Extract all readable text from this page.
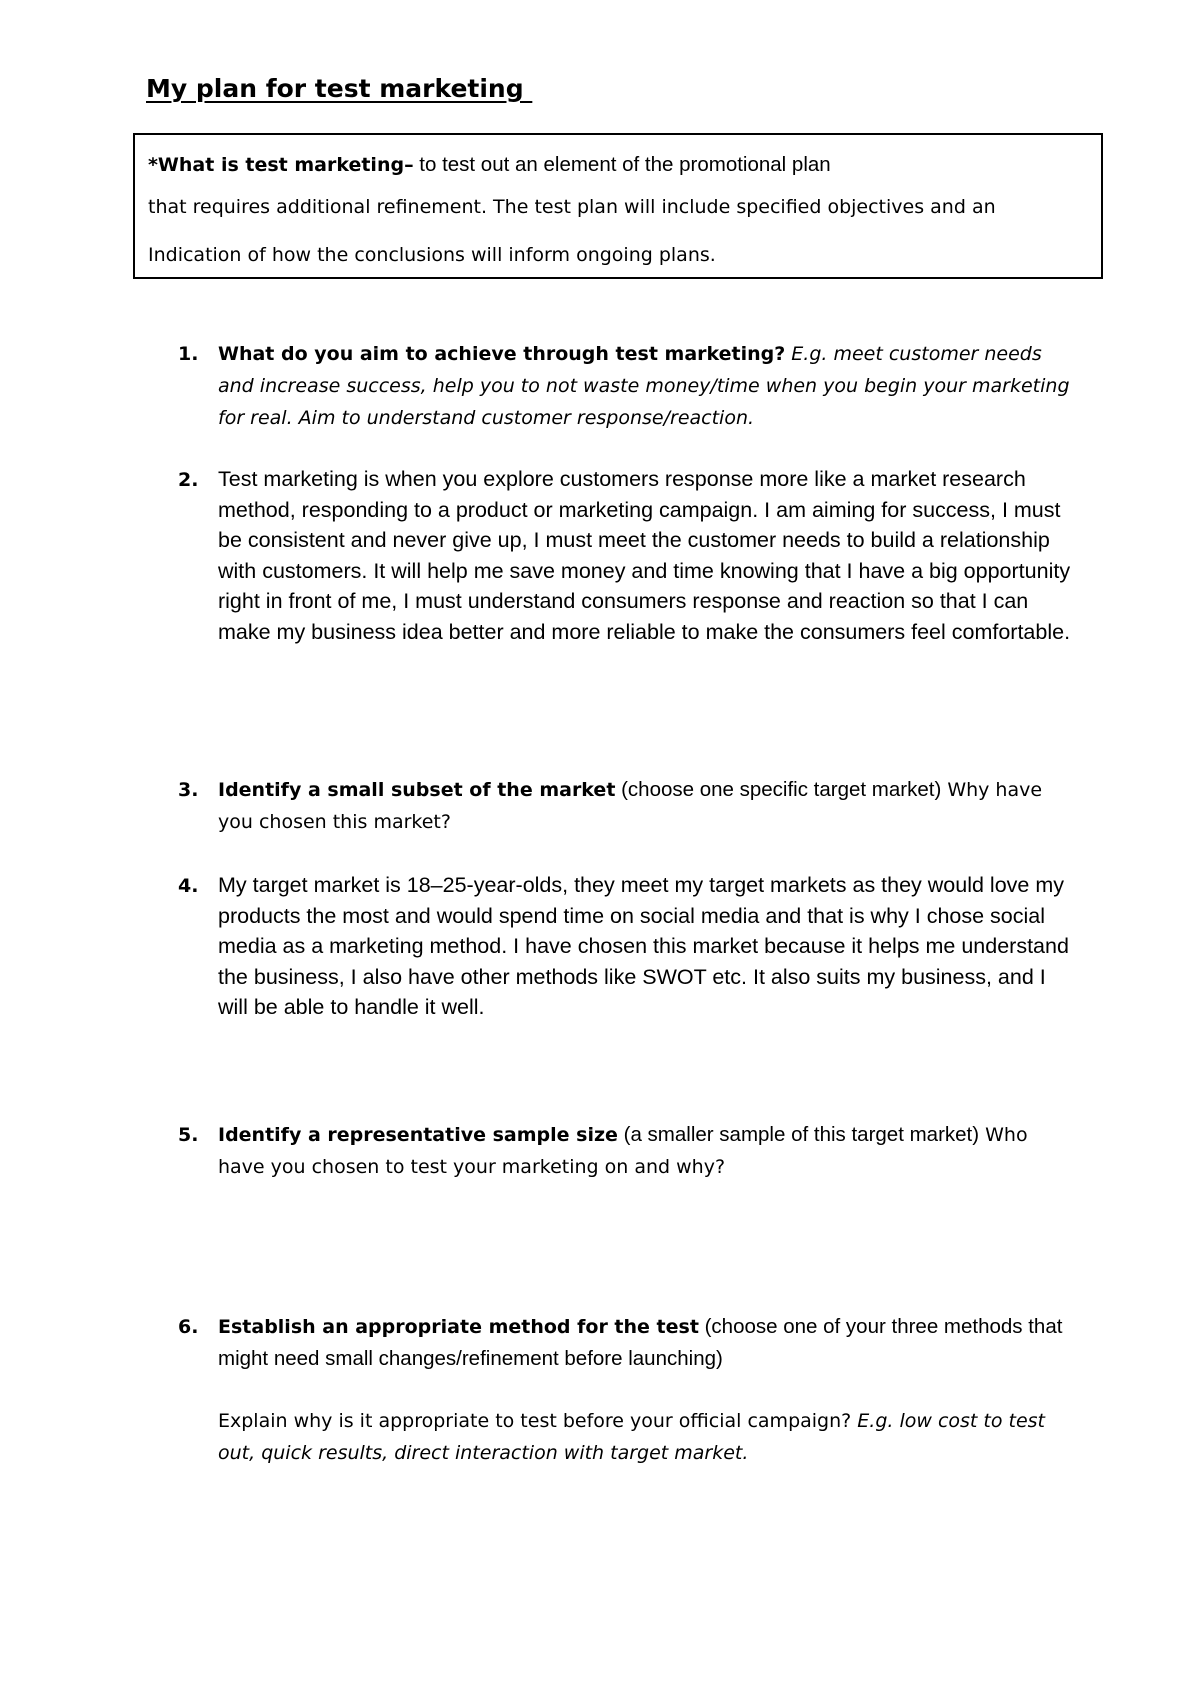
My plan for test marketing
*What is test marketing– to test out an element of the promotional plan
that requires additional refinement. The test plan will include specified objectives and an
Indication of how the conclusions will inform ongoing plans.
1.	What do you aim to achieve through test marketing? E.g. meet customer needs and increase success, help you to not waste money/time when you begin your marketing for real. Aim to understand customer response/reaction.

2. Test marketing is when you explore customers response more like a market research method, responding to a product or marketing campaign. I am aiming for success, I must be consistent and never give up, I must meet the customer needs to build a relationship with customers. It will help me save money and time knowing that I have a big opportunity right in front of me, I must understand consumers response and reaction so that I can make my business idea better and more reliable to make the consumers feel comfortable.

3.	Identify a small subset of the market (choose one specific target market) Why have you chosen this market?

4. My target market is 18–25-year-olds, they meet my target markets as they would love my products the most and would spend time on social media and that is why I chose social media as a marketing method. I have chosen this market because it helps me understand the business, I also have other methods like SWOT etc. It also suits my business, and I will be able to handle it well.

5.	Identify a representative sample size (a smaller sample of this target market) Who have you chosen to test your marketing on and why?

6.	Establish an appropriate method for the test (choose one of your three methods that might need small changes/refinement before launching)

Explain why is it appropriate to test before your official campaign? E.g. low cost to test out, quick results, direct interaction with target market.
